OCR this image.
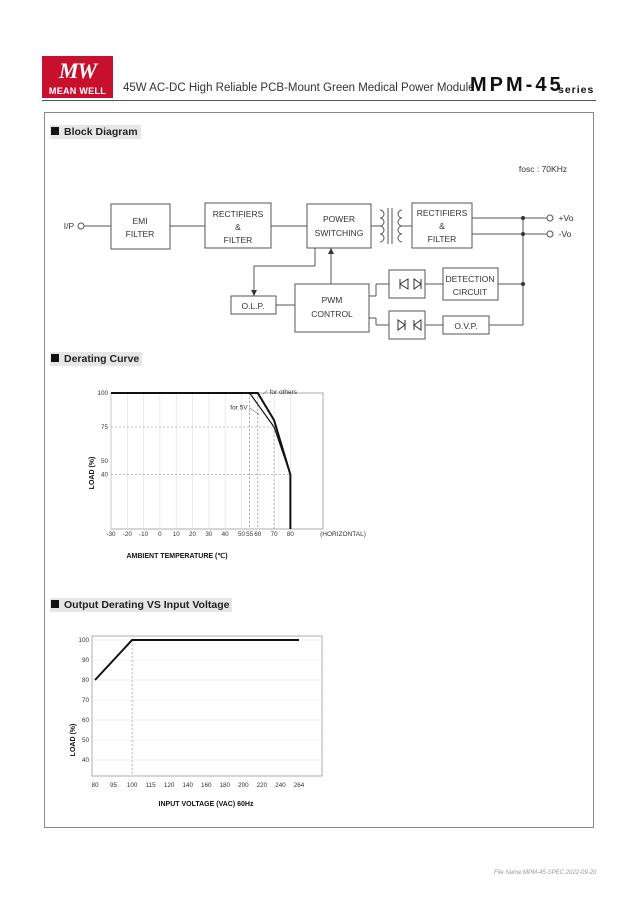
MW
MEAN WELL	45W AC-DC High Reliable PCB-Mount Green Medical Power Module
MPM-45
series
Block Diagram
Derating Curve
Output Derating VS Input Voltage
fosc : 70KHz
I/P	EMI
FILTER
RECTIFIERS
&
FILTER
POWER
SWITCHING
RECTIFIERS
&
FILTER
+Vo
-Vo
DETECTION
CIRCUIT
O.L.P.
PWM
CONTROL
O.V.P.
-30 -20 -10 0 10 20 30 40 50 55 60 70 80
100
75
50
40
(HORIZONTAL)
AMBIENT TEMPERATURE (℃)
LOAD (%)
for others
for 5V
80 95 100 115 120 140 160 180 200 220 240 264
100
90
80
70
60
50
40
INPUT VOLTAGE (VAC) 60Hz
LOAD (%)
File Name:MPM-45-SPEC 2022-09-20
